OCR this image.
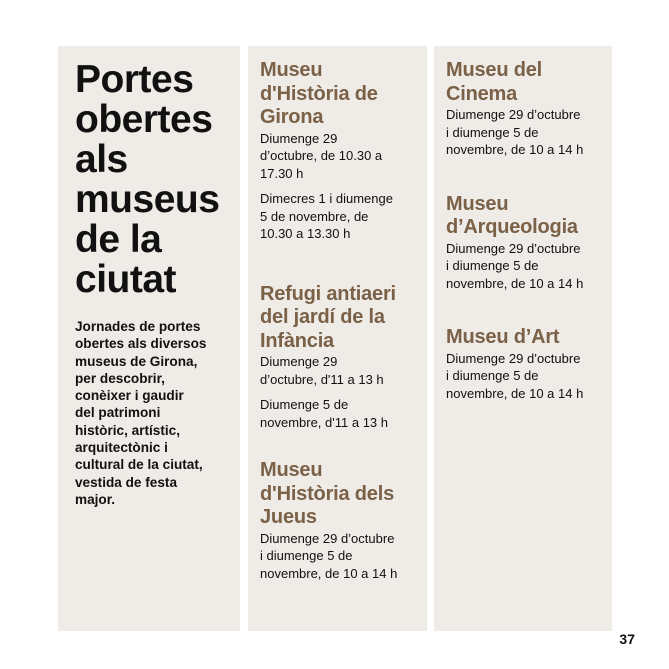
Portes
obertes
als
museus
de la
ciutat
Jornades de portes
obertes als diversos
museus de Girona,
per descobrir,
conèixer i gaudir
del patrimoni
històric, artístic,
arquitectònic i
cultural de la ciutat,
vestida de festa
major.
Museu
d'Història de
Girona
Diumenge 29
d’octubre, de 10.30 a
17.30 h
Dimecres 1 i diumenge
5 de novembre, de
10.30 a 13.30 h
Refugi antiaeri
del jardí de la
Infància
Diumenge 29
d’octubre, d'11 a 13 h
Diumenge 5 de
novembre, d'11 a 13 h
Museu
d'Història dels
Jueus
Diumenge 29 d’octubre
i diumenge 5 de
novembre, de 10 a 14 h
Museu del
Cinema
Diumenge 29 d’octubre
i diumenge 5 de
novembre, de 10 a 14 h
Museu
d’Arqueologia
Diumenge 29 d’octubre
i diumenge 5 de
novembre, de 10 a 14 h
Museu d’Art
Diumenge 29 d’octubre
i diumenge 5 de
novembre, de 10 a 14 h
37
